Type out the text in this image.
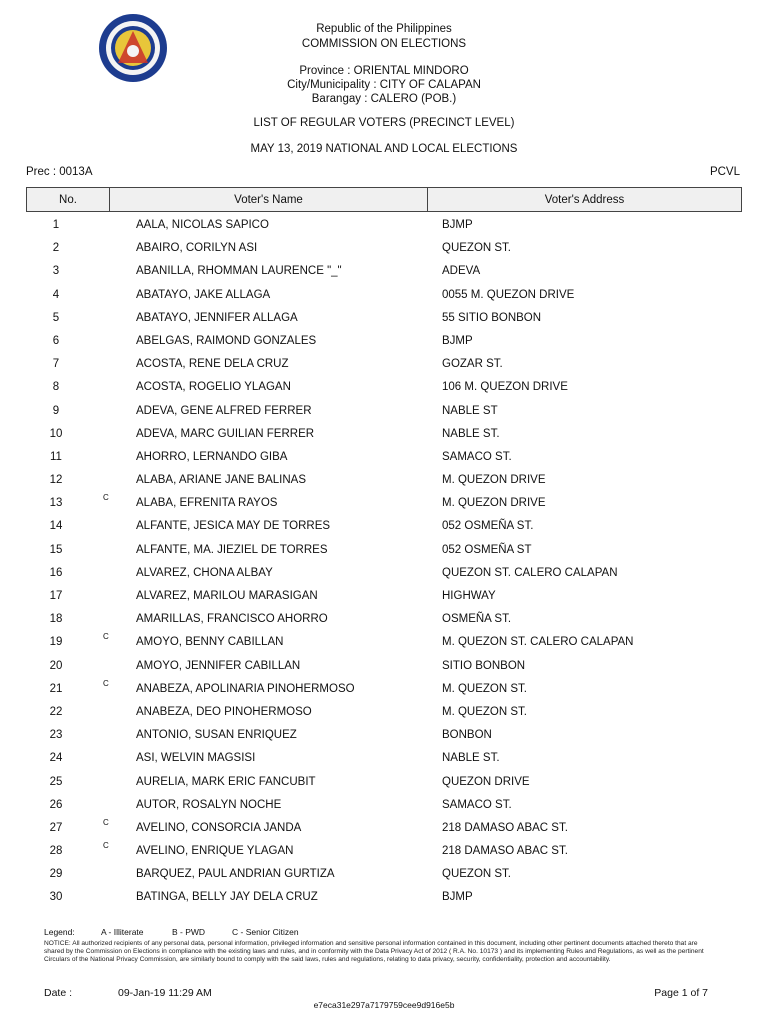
Republic of the Philippines
COMMISSION ON ELECTIONS
Province : ORIENTAL MINDORO
City/Municipality : CITY OF CALAPAN
Barangay : CALERO (POB.)
LIST OF REGULAR VOTERS (PRECINCT LEVEL)
MAY 13, 2019 NATIONAL AND LOCAL ELECTIONS
Prec : 0013A	PCVL
No.	Voter's Name	Voter's Address
1	AALA, NICOLAS SAPICO	BJMP
2	ABAIRO, CORILYN ASI	QUEZON ST.
3	ABANILLA, RHOMMAN LAURENCE "_"	ADEVA
4	ABATAYO, JAKE ALLAGA	0055 M. QUEZON DRIVE
5	ABATAYO, JENNIFER ALLAGA	55 SITIO BONBON
6	ABELGAS, RAIMOND GONZALES	BJMP
7	ACOSTA, RENE DELA CRUZ	GOZAR ST.
8	ACOSTA, ROGELIO YLAGAN	106 M. QUEZON DRIVE
9	ADEVA, GENE ALFRED FERRER	NABLE ST
10	ADEVA, MARC GUILIAN FERRER	NABLE ST.
11	AHORRO, LERNANDO GIBA	SAMACO ST.
12	ALABA, ARIANE JANE BALINAS	M. QUEZON DRIVE
13	C ALABA, EFRENITA RAYOS	M. QUEZON DRIVE
14	ALFANTE, JESICA MAY DE TORRES	052 OSMEÑA ST.
15	ALFANTE, MA. JIEZIEL DE TORRES	052 OSMEÑA ST
16	ALVAREZ, CHONA ALBAY	QUEZON ST. CALERO CALAPAN
17	ALVAREZ, MARILOU MARASIGAN	HIGHWAY
18	AMARILLAS, FRANCISCO AHORRO	OSMEÑA ST.
19	C AMOYO, BENNY CABILLAN	M. QUEZON ST. CALERO CALAPAN
20	AMOYO, JENNIFER CABILLAN	SITIO BONBON
21	C ANABEZA, APOLINARIA PINOHERMOSO	M. QUEZON ST.
22	ANABEZA, DEO PINOHERMOSO	M. QUEZON ST.
23	ANTONIO, SUSAN ENRIQUEZ	BONBON
24	ASI, WELVIN MAGSISI	NABLE ST.
25	AURELIA, MARK ERIC FANCUBIT	QUEZON DRIVE
26	AUTOR, ROSALYN NOCHE	SAMACO ST.
27	C AVELINO, CONSORCIA JANDA	218 DAMASO ABAC ST.
28	C AVELINO, ENRIQUE YLAGAN	218 DAMASO ABAC ST.
29	BARQUEZ, PAUL ANDRIAN GURTIZA	QUEZON ST.
30	BATINGA, BELLY JAY DELA CRUZ	BJMP
Legend:	A - Illiterate	B - PWD	C - Senior Citizen
NOTICE: All authorized recipients of any personal data, personal information, privileged information and sensitive personal information contained in this document, including other pertinent documents attached thereto that are shared by the Commission on Elections in compliance with the existing laws and rules, and in conformity with the Data Privacy Act of 2012 ( R.A. No. 10173 ) and its implementing Rules and Regulations, as well as the pertinent Circulars of the National Privacy Commission, are similarly bound to comply with the said laws, rules and regulations, relating to data privacy, security, confidentiality, protection and accountability.
Date :	09-Jan-19 11:29 AM	Page 1 of 7
e7eca31e297a7179759cee9d916e5b
